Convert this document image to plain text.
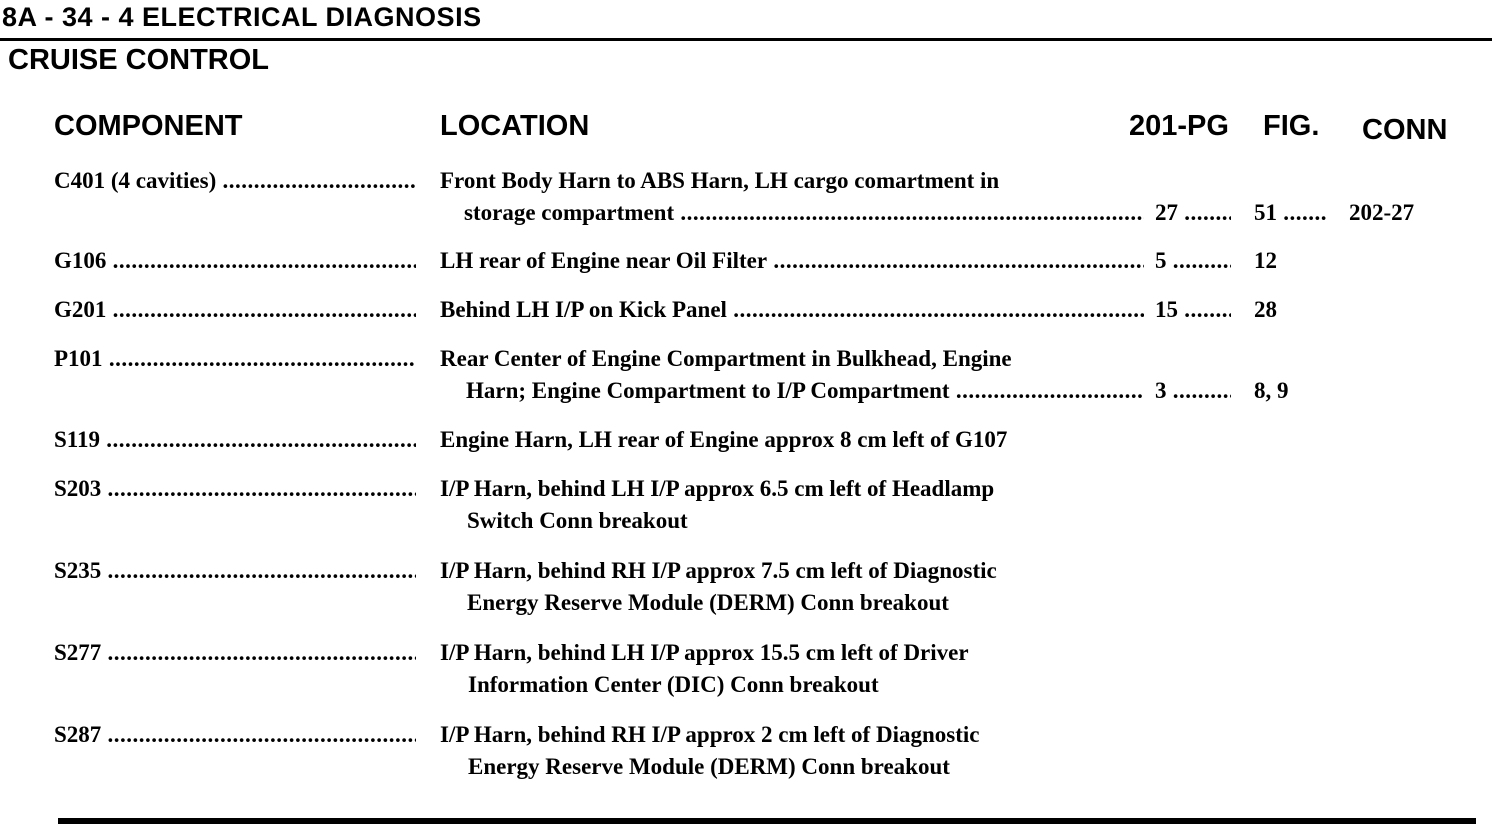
8A - 34 - 4 ELECTRICAL DIAGNOSIS
CRUISE CONTROL
COMPONENT	LOCATION	201-PG FIG. CONN
C401 (4 cavities) .....	Front Body Harn to ABS Harn, LH cargo comartment in
storage compartment .....	27 .....	51 .....	202-27
G106 .....	LH rear of Engine near Oil Filter .....	5 .....	12
G201 .....	Behind LH I/P on Kick Panel .....	15 .....	28
P101 .....	Rear Center of Engine Compartment in Bulkhead, Engine
Harn; Engine Compartment to I/P Compartment .....	3 .....	8, 9
S119 .....	Engine Harn, LH rear of Engine approx 8 cm left of G107
S203 .....	I/P Harn, behind LH I/P approx 6.5 cm left of Headlamp
Switch Conn breakout
S235 .....	I/P Harn, behind RH I/P approx 7.5 cm left of Diagnostic
Energy Reserve Module (DERM) Conn breakout
S277 .....	I/P Harn, behind LH I/P approx 15.5 cm left of Driver
Information Center (DIC) Conn breakout
S287 .....	I/P Harn, behind RH I/P approx 2 cm left of Diagnostic
Energy Reserve Module (DERM) Conn breakout
